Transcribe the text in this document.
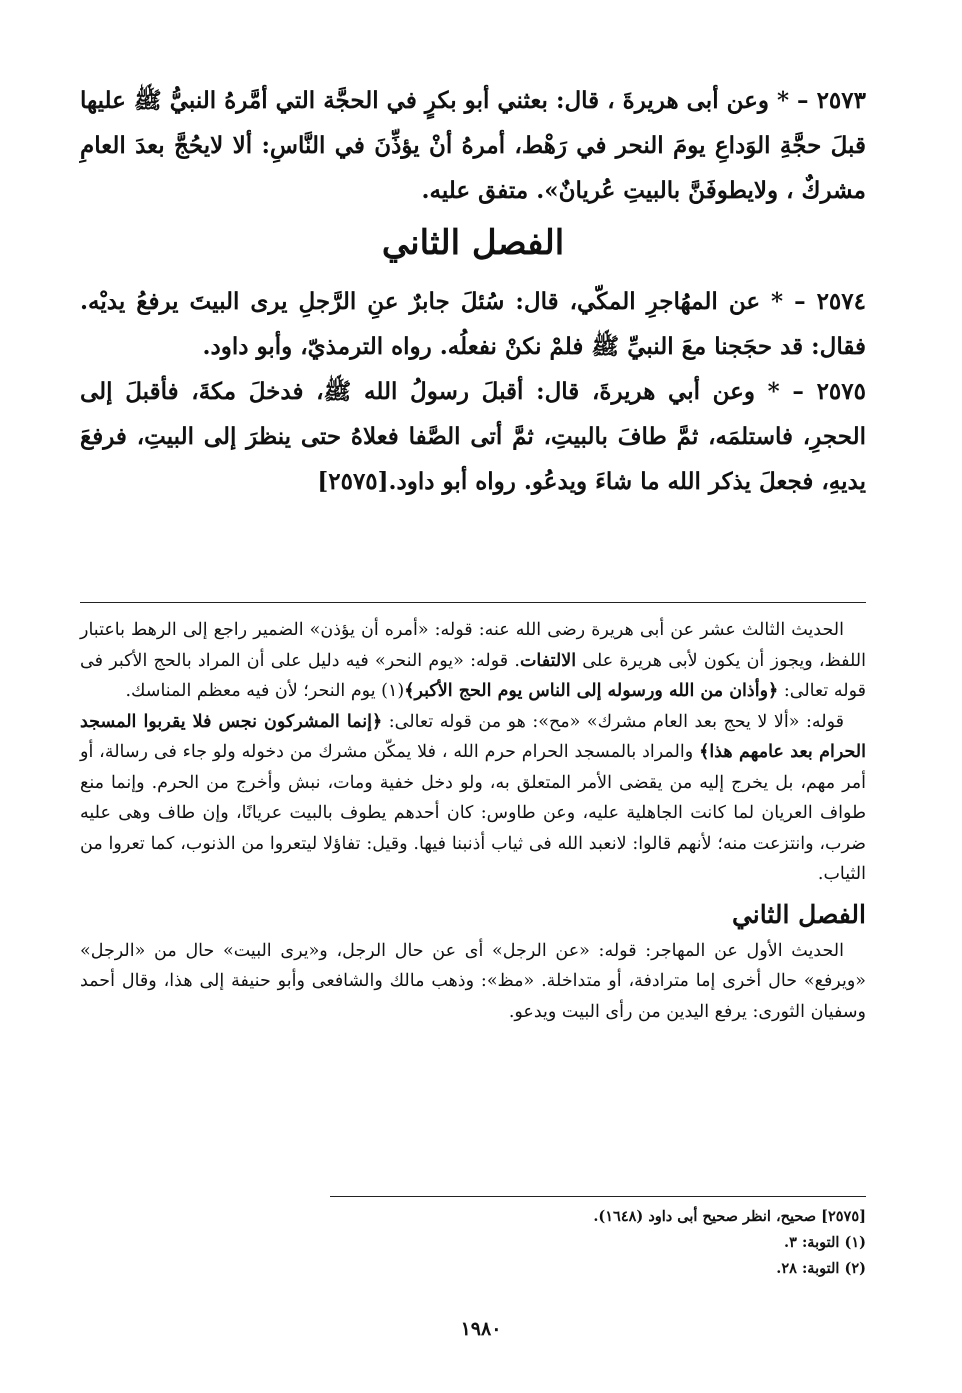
٢٥٧٣ – * وعن أبى هريرةَ ، قال: بعثني أبو بكرٍ في الحجَّة التي أمَّرهُ النبيُّ ﷺ عليها قبلَ حجَّةِ الوَداعِ يومَ النحر في رَهْط، أمرهُ أنْ يؤذِّنَ في النَّاسِ: ألا لايحُجَّ بعدَ العامِ مشركٌ ، ولايطوفَنَّ بالبيتِ عُريانٌ». متفق عليه.

الفصل الثاني

٢٥٧٤ – * عن المهُاجرِ المكّي، قال: سُئلَ جابرٌ عنِ الرَّجلِ يرى البيتَ يرفعُ يديْه. فقال: قد حجَجنا معَ النبيِّ ﷺ فلمْ نكنْ نفعلُه. رواه الترمذيّ، وأبو داود.

٢٥٧٥ – * وعن أبي هريرةَ، قال: أقبلَ رسولُ الله ﷺ، فدخلَ مكةَ، فأقبلَ إلى الحجرِ، فاستلمَه، ثمَّ طافَ بالبيتِ، ثمَّ أتى الصَّفا فعلاهُ حتى ينظرَ إلى البيتِ، فرفعَ يديهِ، فجعلَ يذكر الله ما شاءَ ويدعُو. رواه أبو داود.[٢٥٧٥]

الحديث الثالث عشر عن أبى هريرة رضى الله عنه: قوله: «أمره أن يؤذن» الضمير راجع إلى الرهط باعتبار اللفظ، ويجوز أن يكون لأبى هريرة على الالتفات. قوله: «يوم النحر» فيه دليل على أن المراد بالحج الأكبر فى قوله تعالى: ﴿وأذان من الله ورسوله إلى الناس يوم الحج الأكبر﴾(١) يوم النحر؛ لأن فيه معظم المناسك.

قوله: «ألا لا يحج بعد العام مشرك» «مح»: هو من قوله تعالى: ﴿إنما المشركون نجس فلا يقربوا المسجد الحرام بعد عامهم هذا﴾ والمراد بالمسجد الحرام حرم الله ، فلا يمكّن مشرك من دخوله ولو جاء فى رسالة، أو أمر مهم، بل يخرج إليه من يقضى الأمر المتعلق به، ولو دخل خفية ومات، نبش وأخرج من الحرم. وإنما منع طواف العريان لما كانت الجاهلية عليه، وعن طاوس: كان أحدهم يطوف بالبيت عريانًا، وإن طاف وهى عليه ضرب، وانتزعت منه؛ لأنهم قالوا: لانعبد الله فى ثياب أذنبنا فيها. وقيل: تفاؤلا ليتعروا من الذنوب، كما تعروا من الثياب.

الفصل الثاني

الحديث الأول عن المهاجر: قوله: «عن الرجل» أى عن حال الرجل، و«يرى البيت» حال من «الرجل» «ويرفع» حال أخرى إما مترادفة، أو متداخلة. «مظ»: وذهب مالك والشافعى وأبو حنيفة إلى هذا، وقال أحمد وسفيان الثورى: يرفع اليدين من رأى البيت ويدعو.

[٢٥٧٥] صحيح، انظر صحيح أبى داود (١٦٤٨).
(١) التوبة: ٣.
(٢) التوبة: ٢٨.
١٩٨٠
